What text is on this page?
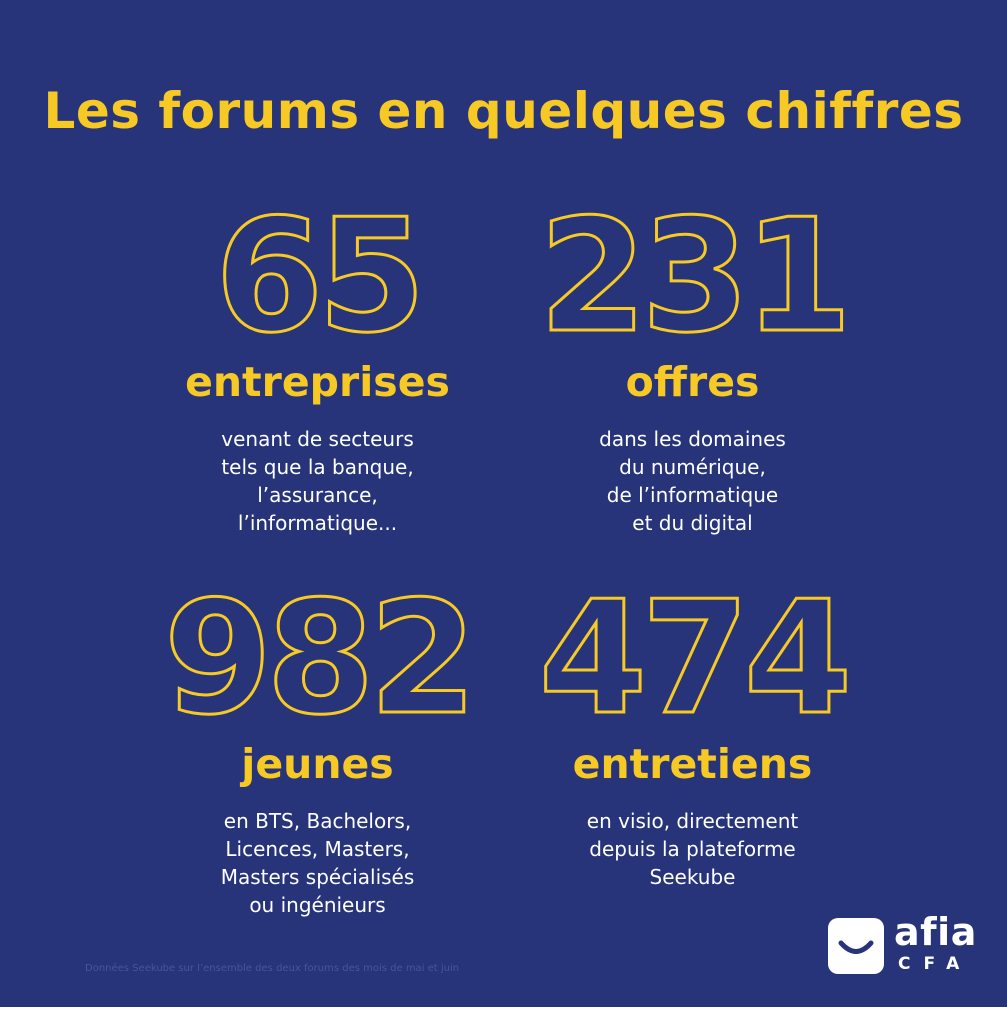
Les forums en quelques chiffres
65
entreprises
venant de secteurs
tels que la banque,
l’assurance,
l’informatique...
231
offres
dans les domaines
du numérique,
de l’informatique
et du digital
982
jeunes
en BTS, Bachelors,
Licences, Masters,
Masters spécialisés
ou ingénieurs
474
entretiens
en visio, directement
depuis la plateforme
Seekube
Données Seekube sur l’ensemble des deux forums des mois de mai et juin
afia
CFA
